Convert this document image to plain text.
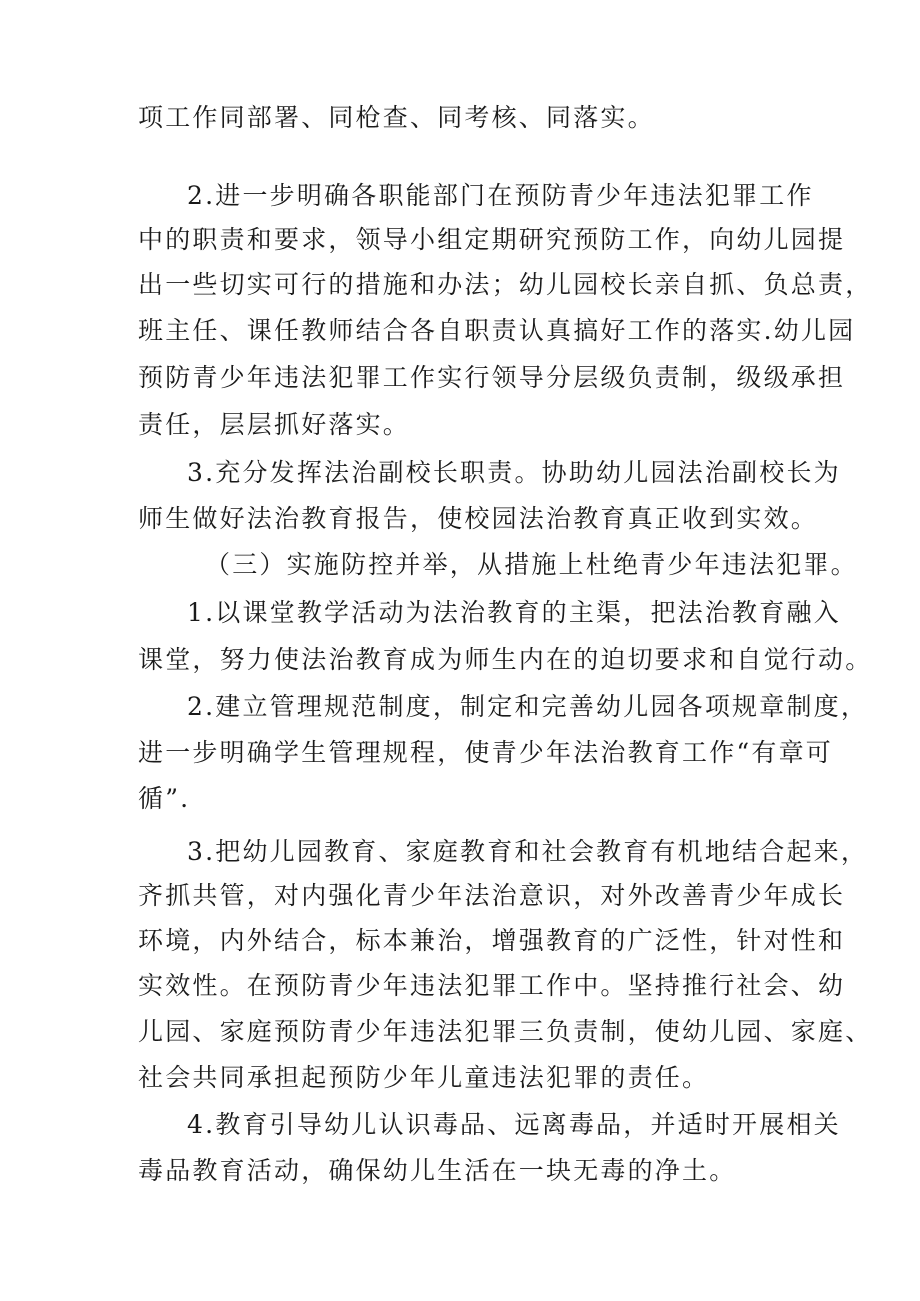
项工作同部署、同枪查、同考核、同落实。
2.进一步明确各职能部门在预防青少年违法犯罪工作
中的职责和要求，领导小组定期研究预防工作，向幼儿园提
出一些切实可行的措施和办法；幼儿园校长亲自抓、负总责，
班主任、课任教师结合各自职责认真搞好工作的落实.幼儿园
预防青少年违法犯罪工作实行领导分层级负责制，级级承担
责任，层层抓好落实。
3.充分发挥法治副校长职责。协助幼儿园法治副校长为
师生做好法治教育报告，使校园法治教育真正收到实效。
（三）实施防控并举，从措施上杜绝青少年违法犯罪。
1.以课堂教学活动为法治教育的主渠，把法治教育融入
课堂，努力使法治教育成为师生内在的迫切要求和自觉行动。
2.建立管理规范制度，制定和完善幼儿园各项规章制度，
进一步明确学生管理规程，使青少年法治教育工作“有章可
循”.
3.把幼儿园教育、家庭教育和社会教育有机地结合起来，
齐抓共管，对内强化青少年法治意识，对外改善青少年成长
环境，内外结合，标本兼治，增强教育的广泛性，针对性和
实效性。在预防青少年违法犯罪工作中。坚持推行社会、幼
儿园、家庭预防青少年违法犯罪三负责制，使幼儿园、家庭、
社会共同承担起预防少年儿童违法犯罪的责任。
4.教育引导幼儿认识毒品、远离毒品，并适时开展相关
毒品教育活动，确保幼儿生活在一块无毒的净土。
